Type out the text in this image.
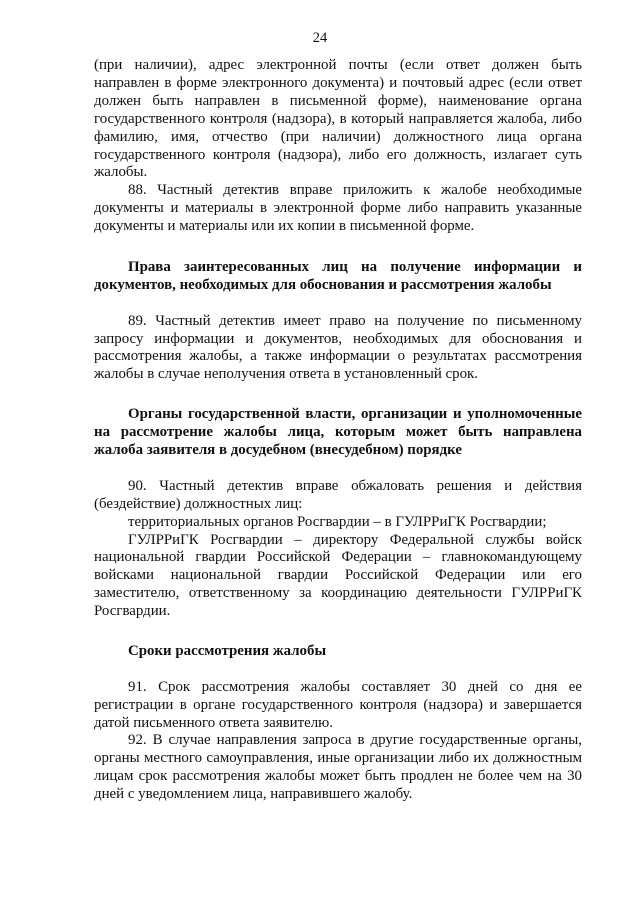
24

(при наличии), адрес электронной почты (если ответ должен быть направлен в форме электронного документа) и почтовый адрес (если ответ должен быть направлен в письменной форме), наименование органа государственного контроля (надзора), в который направляется жалоба, либо фамилию, имя, отчество (при наличии) должностного лица органа государственного контроля (надзора), либо его должность, излагает суть жалобы.

88. Частный детектив вправе приложить к жалобе необходимые документы и материалы в электронной форме либо направить указанные документы и материалы или их копии в письменной форме.

Права заинтересованных лиц на получение информации и документов, необходимых для обоснования и рассмотрения жалобы

89. Частный детектив имеет право на получение по письменному запросу информации и документов, необходимых для обоснования и рассмотрения жалобы, а также информации о результатах рассмотрения жалобы в случае неполучения ответа в установленный срок.

Органы государственной власти, организации и уполномоченные на рассмотрение жалобы лица, которым может быть направлена жалоба заявителя в досудебном (внесудебном) порядке

90. Частный детектив вправе обжаловать решения и действия (бездействие) должностных лиц:

территориальных органов Росгвардии – в ГУЛРРиГК Росгвардии;

ГУЛРРиГК Росгвардии – директору Федеральной службы войск национальной гвардии Российской Федерации – главнокомандующему войсками национальной гвардии Российской Федерации или его заместителю, ответственному за координацию деятельности ГУЛРРиГК Росгвардии.

Сроки рассмотрения жалобы

91. Срок рассмотрения жалобы составляет 30 дней со дня ее регистрации в органе государственного контроля (надзора) и завершается датой письменного ответа заявителю.

92. В случае направления запроса в другие государственные органы, органы местного самоуправления, иные организации либо их должностным лицам срок рассмотрения жалобы может быть продлен не более чем на 30 дней с уведомлением лица, направившего жалобу.
